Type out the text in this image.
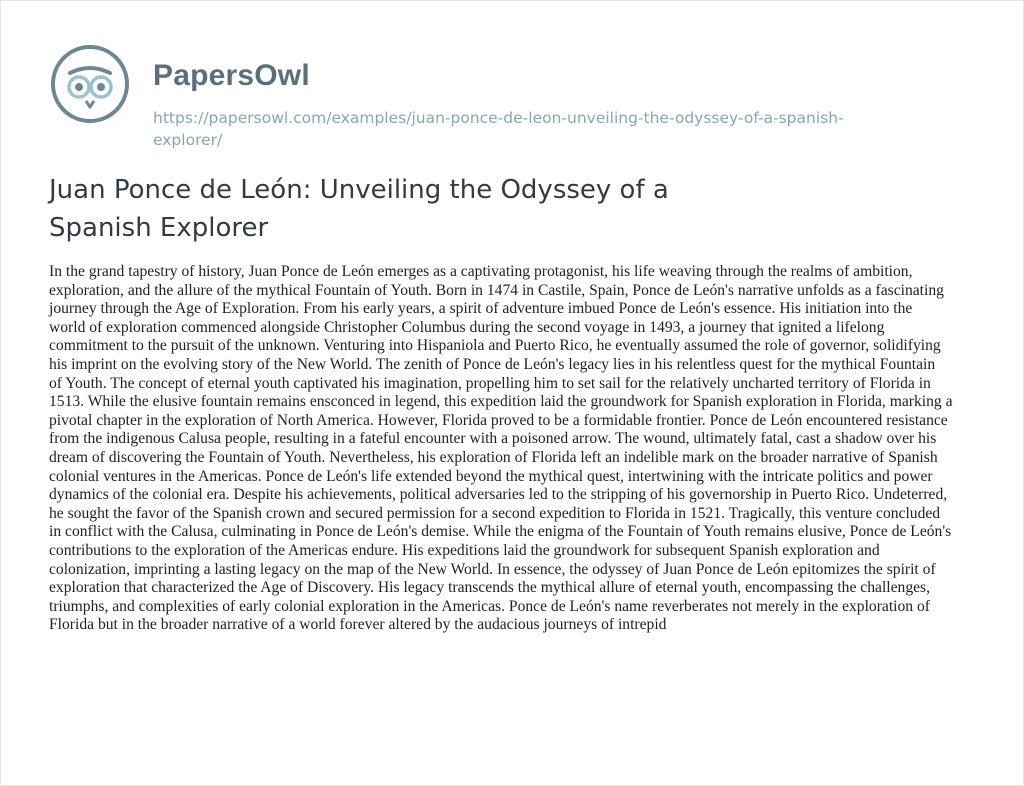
PapersOwl
https://papersowl.com/examples/juan-ponce-de-leon-unveiling-the-odyssey-of-a-spanish-
explorer/
Juan Ponce de León: Unveiling the Odyssey of a
Spanish Explorer
In the grand tapestry of history, Juan Ponce de León emerges as a captivating protagonist, his life weaving through the realms of ambition,
exploration, and the allure of the mythical Fountain of Youth. Born in 1474 in Castile, Spain, Ponce de León's narrative unfolds as a fascinating
journey through the Age of Exploration. From his early years, a spirit of adventure imbued Ponce de León's essence. His initiation into the
world of exploration commenced alongside Christopher Columbus during the second voyage in 1493, a journey that ignited a lifelong
commitment to the pursuit of the unknown. Venturing into Hispaniola and Puerto Rico, he eventually assumed the role of governor, solidifying
his imprint on the evolving story of the New World. The zenith of Ponce de León's legacy lies in his relentless quest for the mythical Fountain
of Youth. The concept of eternal youth captivated his imagination, propelling him to set sail for the relatively uncharted territory of Florida in
1513. While the elusive fountain remains ensconced in legend, this expedition laid the groundwork for Spanish exploration in Florida, marking a
pivotal chapter in the exploration of North America. However, Florida proved to be a formidable frontier. Ponce de León encountered resistance
from the indigenous Calusa people, resulting in a fateful encounter with a poisoned arrow. The wound, ultimately fatal, cast a shadow over his
dream of discovering the Fountain of Youth. Nevertheless, his exploration of Florida left an indelible mark on the broader narrative of Spanish
colonial ventures in the Americas. Ponce de León's life extended beyond the mythical quest, intertwining with the intricate politics and power
dynamics of the colonial era. Despite his achievements, political adversaries led to the stripping of his governorship in Puerto Rico. Undeterred,
he sought the favor of the Spanish crown and secured permission for a second expedition to Florida in 1521. Tragically, this venture concluded
in conflict with the Calusa, culminating in Ponce de León's demise. While the enigma of the Fountain of Youth remains elusive, Ponce de León's
contributions to the exploration of the Americas endure. His expeditions laid the groundwork for subsequent Spanish exploration and
colonization, imprinting a lasting legacy on the map of the New World. In essence, the odyssey of Juan Ponce de León epitomizes the spirit of
exploration that characterized the Age of Discovery. His legacy transcends the mythical allure of eternal youth, encompassing the challenges,
triumphs, and complexities of early colonial exploration in the Americas. Ponce de León's name reverberates not merely in the exploration of
Florida but in the broader narrative of a world forever altered by the audacious journeys of intrepid
